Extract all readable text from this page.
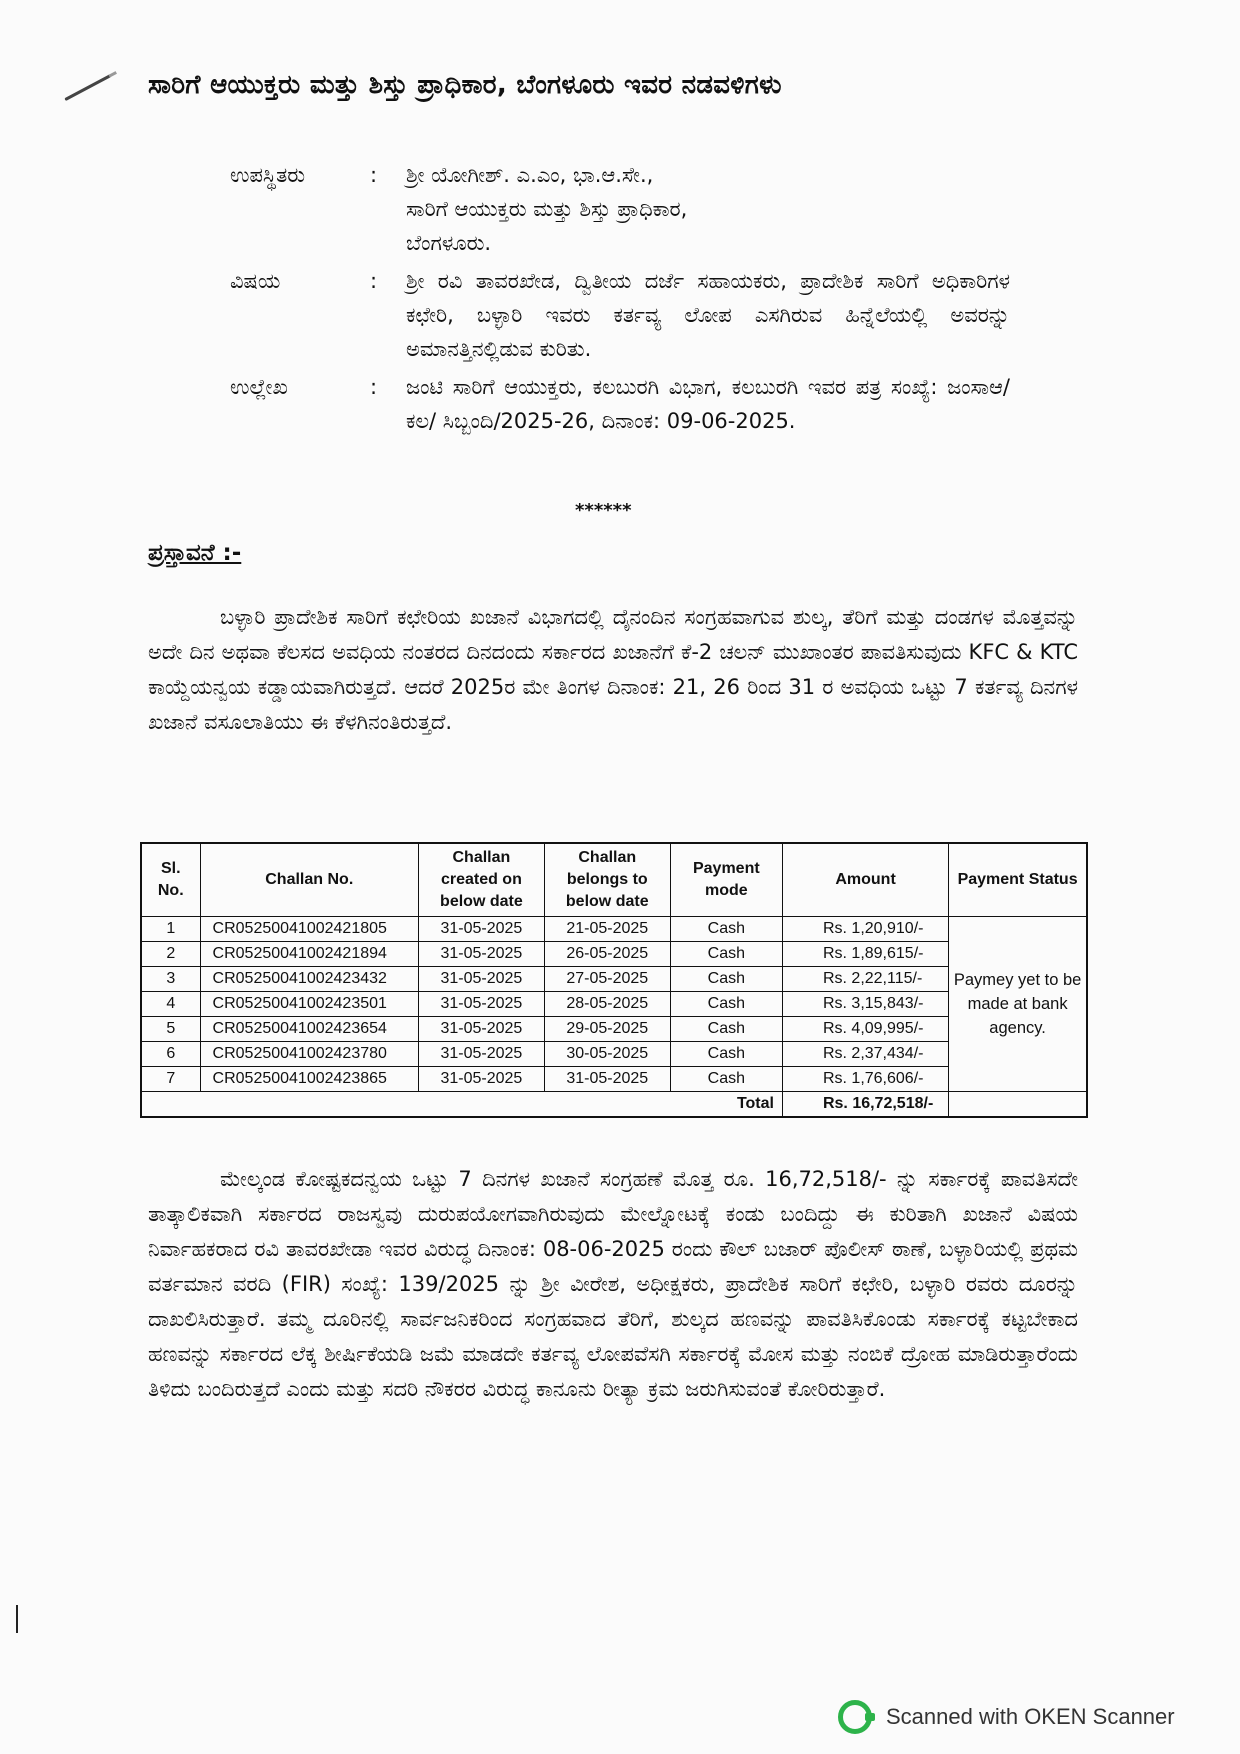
ಸಾರಿಗೆ ಆಯುಕ್ತರು ಮತ್ತು ಶಿಸ್ತು ಪ್ರಾಧಿಕಾರ, ಬೆಂಗಳೂರು ಇವರ ನಡವಳಿಗಳು
ಉಪಸ್ಥಿತರು	:	ಶ್ರೀ ಯೋಗೀಶ್. ಎ.ಎಂ, ಭಾ.ಆ.ಸೇ.,
ಸಾರಿಗೆ ಆಯುಕ್ತರು ಮತ್ತು ಶಿಸ್ತು ಪ್ರಾಧಿಕಾರ,
ಬೆಂಗಳೂರು.
ವಿಷಯ	:	ಶ್ರೀ ರವಿ ತಾವರಖೇಡ, ದ್ವಿತೀಯ ದರ್ಜೆ ಸಹಾಯಕರು, ಪ್ರಾದೇಶಿಕ ಸಾರಿಗೆ ಅಧಿಕಾರಿಗಳ ಕಛೇರಿ, ಬಳ್ಳಾರಿ ಇವರು ಕರ್ತವ್ಯ ಲೋಪ ಎಸಗಿರುವ ಹಿನ್ನೆಲೆಯಲ್ಲಿ ಅವರನ್ನು ಅಮಾನತ್ತಿನಲ್ಲಿಡುವ ಕುರಿತು.
ಉಲ್ಲೇಖ	:	ಜಂಟಿ ಸಾರಿಗೆ ಆಯುಕ್ತರು, ಕಲಬುರಗಿ ವಿಭಾಗ, ಕಲಬುರಗಿ ಇವರ ಪತ್ರ ಸಂಖ್ಯೆ: ಜಂಸಾಆ/ಕಲ/ ಸಿಬ್ಬಂದಿ/2025-26, ದಿನಾಂಕ: 09-06-2025.
******
ಪ್ರಸ್ತಾವನೆ :-
ಬಳ್ಳಾರಿ ಪ್ರಾದೇಶಿಕ ಸಾರಿಗೆ ಕಛೇರಿಯ ಖಜಾನೆ ವಿಭಾಗದಲ್ಲಿ ದೈನಂದಿನ ಸಂಗ್ರಹವಾಗುವ ಶುಲ್ಕ, ತೆರಿಗೆ ಮತ್ತು ದಂಡಗಳ ಮೊತ್ತವನ್ನು ಅದೇ ದಿನ ಅಥವಾ ಕೆಲಸದ ಅವಧಿಯ ನಂತರದ ದಿನದಂದು ಸರ್ಕಾರದ ಖಜಾನೆಗೆ ಕೆ-2 ಚಲನ್ ಮುಖಾಂತರ ಪಾವತಿಸುವುದು KFC & KTC ಕಾಯ್ದೆಯನ್ವಯ ಕಡ್ಡಾಯವಾಗಿರುತ್ತದೆ. ಆದರೆ 2025ರ ಮೇ ತಿಂಗಳ ದಿನಾಂಕ: 21, 26 ರಿಂದ 31 ರ ಅವಧಿಯ ಒಟ್ಟು 7 ಕರ್ತವ್ಯ ದಿನಗಳ ಖಜಾನೆ ವಸೂಲಾತಿಯು ಈ ಕೆಳಗಿನಂತಿರುತ್ತದೆ.
Sl. No.	Challan No.	Challan created on below date	Challan belongs to below date	Payment mode	Amount	Payment Status
1	CR05250041002421805	31-05-2025	21-05-2025	Cash	Rs. 1,20,910/-	Paymey yet to be made at bank agency.
2	CR05250041002421894	31-05-2025	26-05-2025	Cash	Rs. 1,89,615/-	
3	CR05250041002423432	31-05-2025	27-05-2025	Cash	Rs. 2,22,115/-	
4	CR05250041002423501	31-05-2025	28-05-2025	Cash	Rs. 3,15,843/-	
5	CR05250041002423654	31-05-2025	29-05-2025	Cash	Rs. 4,09,995/-	
6	CR05250041002423780	31-05-2025	30-05-2025	Cash	Rs. 2,37,434/-	
7	CR05250041002423865	31-05-2025	31-05-2025	Cash	Rs. 1,76,606/-	
				Total	Rs. 16,72,518/-	
ಮೇಲ್ಕಂಡ ಕೋಷ್ಟಕದನ್ವಯ ಒಟ್ಟು 7 ದಿನಗಳ ಖಜಾನೆ ಸಂಗ್ರಹಣೆ ಮೊತ್ತ ರೂ. 16,72,518/- ನ್ನು ಸರ್ಕಾರಕ್ಕೆ ಪಾವತಿಸದೇ ತಾತ್ಕಾಲಿಕವಾಗಿ ಸರ್ಕಾರದ ರಾಜಸ್ವವು ದುರುಪಯೋಗವಾಗಿರುವುದು ಮೇಲ್ನೋಟಕ್ಕೆ ಕಂಡು ಬಂದಿದ್ದು ಈ ಕುರಿತಾಗಿ ಖಜಾನೆ ವಿಷಯ ನಿರ್ವಾಹಕರಾದ ರವಿ ತಾವರಖೇಡಾ ಇವರ ವಿರುದ್ಧ ದಿನಾಂಕ: 08-06-2025 ರಂದು ಕೌಲ್ ಬಜಾರ್ ಪೊಲೀಸ್ ಠಾಣೆ, ಬಳ್ಳಾರಿಯಲ್ಲಿ ಪ್ರಥಮ ವರ್ತಮಾನ ವರದಿ (FIR) ಸಂಖ್ಯೆ: 139/2025 ನ್ನು ಶ್ರೀ ವೀರೇಶ, ಅಧೀಕ್ಷಕರು, ಪ್ರಾದೇಶಿಕ ಸಾರಿಗೆ ಕಛೇರಿ, ಬಳ್ಳಾರಿ ರವರು ದೂರನ್ನು ದಾಖಲಿಸಿರುತ್ತಾರೆ. ತಮ್ಮ ದೂರಿನಲ್ಲಿ ಸಾರ್ವಜನಿಕರಿಂದ ಸಂಗ್ರಹವಾದ ತೆರಿಗೆ, ಶುಲ್ಕದ ಹಣವನ್ನು ಪಾವತಿಸಿಕೊಂಡು ಸರ್ಕಾರಕ್ಕೆ ಕಟ್ಟಬೇಕಾದ ಹಣವನ್ನು ಸರ್ಕಾರದ ಲೆಕ್ಕ ಶೀರ್ಷಿಕೆಯಡಿ ಜಮೆ ಮಾಡದೇ ಕರ್ತವ್ಯ ಲೋಪವೆಸಗಿ ಸರ್ಕಾರಕ್ಕೆ ಮೋಸ ಮತ್ತು ನಂಬಿಕೆ ದ್ರೋಹ ಮಾಡಿರುತ್ತಾರೆಂದು ತಿಳಿದು ಬಂದಿರುತ್ತದೆ ಎಂದು ಮತ್ತು ಸದರಿ ನೌಕರರ ವಿರುದ್ಧ ಕಾನೂನು ರೀತ್ಯಾ ಕ್ರಮ ಜರುಗಿಸುವಂತೆ ಕೋರಿರುತ್ತಾರೆ.
Scanned with OKEN Scanner
